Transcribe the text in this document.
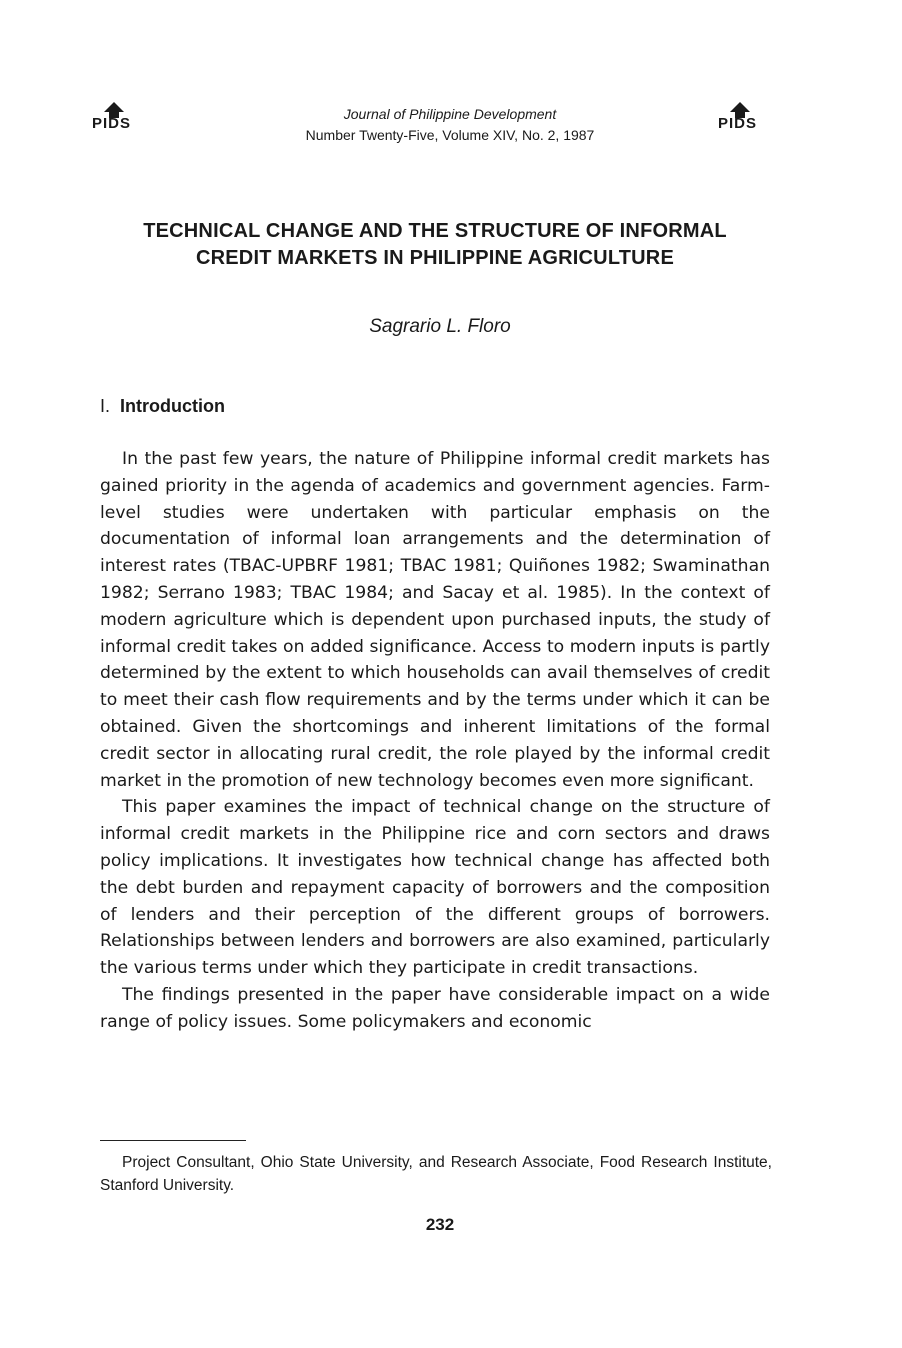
PIDS
Journal of Philippine Development
Number Twenty-Five, Volume XIV, No. 2, 1987
PIDS
TECHNICAL CHANGE AND THE STRUCTURE OF INFORMAL
CREDIT MARKETS IN PHILIPPINE AGRICULTURE
Sagrario L. Floro
I. Introduction

In the past few years, the nature of Philippine informal credit markets has gained priority in the agenda of academics and government agencies. Farm-level studies were undertaken with particular emphasis on the documentation of informal loan arrangements and the determination of interest rates (TBAC-UPBRF 1981; TBAC 1981; Quiñones 1982; Swaminathan 1982; Serrano 1983; TBAC 1984; and Sacay et al. 1985). In the context of modern agriculture which is dependent upon purchased inputs, the study of informal credit takes on added significance. Access to modern inputs is partly determined by the extent to which households can avail themselves of credit to meet their cash flow requirements and by the terms under which it can be obtained. Given the shortcomings and inherent limitations of the formal credit sector in allocating rural credit, the role played by the informal credit market in the promotion of new technology becomes even more significant.

This paper examines the impact of technical change on the structure of informal credit markets in the Philippine rice and corn sectors and draws policy implications. It investigates how technical change has affected both the debt burden and repayment capacity of borrowers and the composition of lenders and their perception of the different groups of borrowers. Relationships between lenders and borrowers are also examined, particularly the various terms under which they participate in credit transactions.

The findings presented in the paper have considerable impact on a wide range of policy issues. Some policymakers and economic

Project Consultant, Ohio State University, and Research Associate, Food Research Institute, Stanford University.

232
